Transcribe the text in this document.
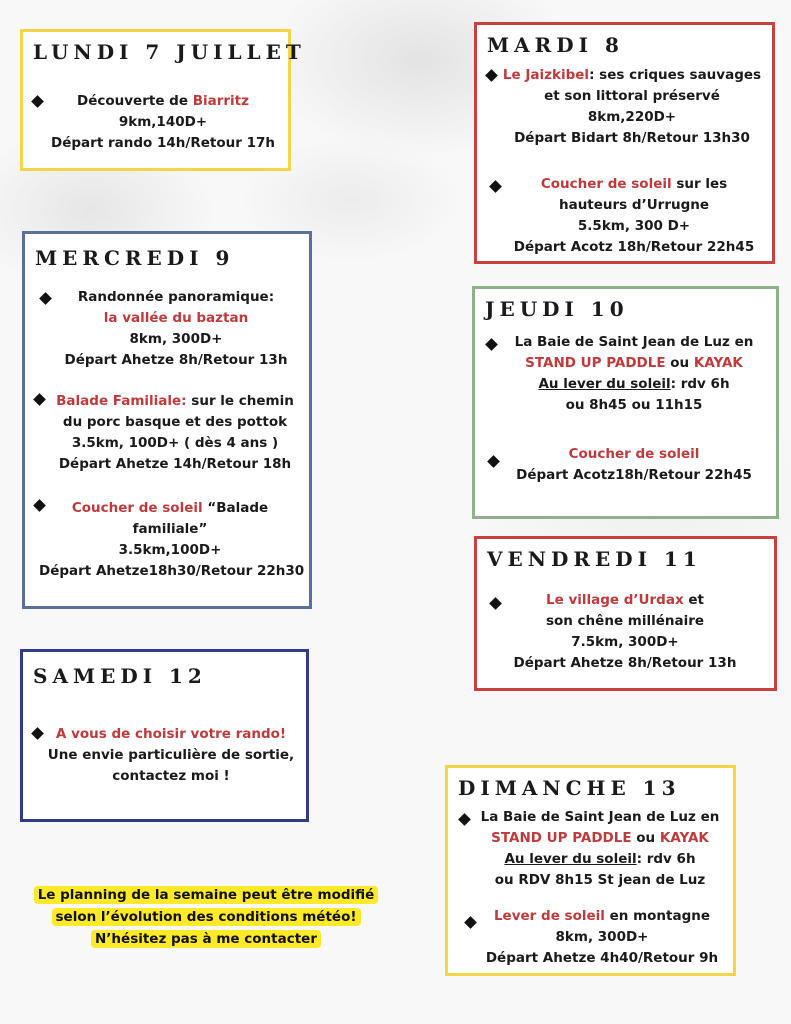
LUNDI 7 JUILLET
Découverte de Biarritz
9km,140D+
Départ rando 14h/Retour 17h
MARDI 8
Le Jaizkibel: ses criques sauvages
et son littoral préservé
8km,220D+
Départ Bidart 8h/Retour 13h30
Coucher de soleil sur les
hauteurs d’Urrugne
5.5km, 300 D+
Départ Acotz 18h/Retour 22h45
MERCREDI 9
Randonnée panoramique:
la vallée du baztan
8km, 300D+
Départ Ahetze 8h/Retour 13h
Balade Familiale: sur le chemin
du porc basque et des pottok
3.5km, 100D+ ( dès 4 ans )
Départ Ahetze 14h/Retour 18h
Coucher de soleil “Balade
familiale”
3.5km,100D+
Départ Ahetze18h30/Retour 22h30
JEUDI 10
La Baie de Saint Jean de Luz en
STAND UP PADDLE ou KAYAK
Au lever du soleil: rdv 6h
ou 8h45 ou 11h15
Coucher de soleil
Départ Acotz18h/Retour 22h45
VENDREDI 11
Le village d’Urdax et
son chêne millénaire
7.5km, 300D+
Départ Ahetze 8h/Retour 13h
SAMEDI 12
A vous de choisir votre rando!
Une envie particulière de sortie,
contactez moi !	DIMANCHE 13
La Baie de Saint Jean de Luz en
STAND UP PADDLE ou KAYAK
Au lever du soleil: rdv 6h
ou RDV 8h15 St jean de Luz
Lever de soleil en montagne
8km, 300D+
Départ Ahetze 4h40/Retour 9h
Le planning de la semaine peut être modifié
selon l’évolution des conditions météo!
N’hésitez pas à me contacter
